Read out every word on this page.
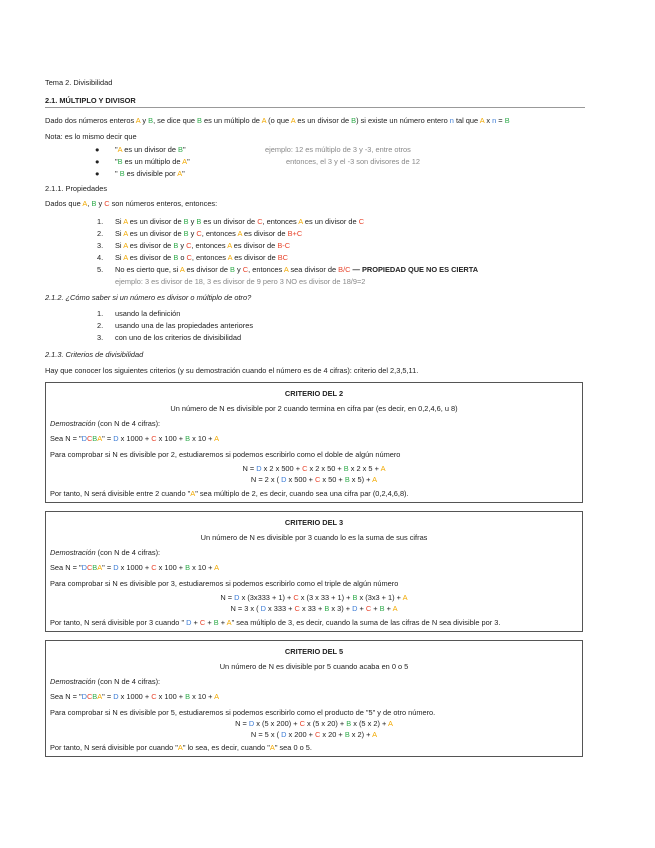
Tema 2. Divisibilidad
2.1. MÚLTIPLO Y DIVISOR
Dado dos números enteros A y B, se dice que B es un múltiplo de A (o que A es un divisor de B) si existe un número entero n tal que A x n = B
Nota: es lo mismo decir que
● "A es un divisor de B"	ejemplo: 12 es múltiplo de 3 y -3, entre otros
● "B es un múltiplo de A"	entonces, el 3 y el -3 son divisores de 12
● " B es divisible por A"
2.1.1. Propiedades
Dados que A, B y C son números enteros, entonces:
1. Si A es un divisor de B y B es un divisor de C, entonces A es un divisor de C
2. Si A es un divisor de B y C, entonces A es divisor de B+C
3. Si A es divisor de B y C, entonces A es divisor de B-C
4. Si A es divisor de B o C, entonces A es divisor de BC
5. No es cierto que, si A es divisor de B y C, entonces A sea divisor de B/C — PROPIEDAD QUE NO ES CIERTA
ejemplo: 3 es divisor de 18, 3 es divisor de 9 pero 3 NO es divisor de 18/9=2
2.1.2. ¿Cómo saber si un número es divisor o múltiplo de otro?
1. usando la definición
2. usando una de las propiedades anteriores
3. con uno de los criterios de divisibilidad
2.1.3. Criterios de divisibilidad
Hay que conocer los siguientes criterios (y su demostración cuando el número es de 4 cifras): criterio del 2,3,5,11.
CRITERIO DEL 2
Un número de N es divisible por 2 cuando termina en cifra par (es decir, en 0,2,4,6, u 8)
Demostración (con N de 4 cifras):
Sea N = "DCBA" = D x 1000 + C x 100 + B x 10 + A
Para comprobar si N es divisible por 2, estudiaremos si podemos escribirlo como el doble de algún número
N = D x 2 x 500 + C x 2 x 50 + B x 2 x 5 + A
N = 2 x ( D x 500 + C x 50 + B x 5) + A
Por tanto, N será divisible entre 2 cuando "A" sea múltiplo de 2, es decir, cuando sea una cifra par (0,2,4,6,8).
CRITERIO DEL 3
Un número de N es divisible por 3 cuando lo es la suma de sus cifras
Demostración (con N de 4 cifras):
Sea N = "DCBA" = D x 1000 + C x 100 + B x 10 + A
Para comprobar si N es divisible por 3, estudiaremos si podemos escribirlo como el triple de algún número
N = D x (3x333 + 1) + C x (3 x 33 + 1) + B x (3x3 + 1) + A
N = 3 x ( D x 333 + C x 33 + B x 3) + D + C + B + A
Por tanto, N será divisible por 3 cuando " D + C + B + A" sea múltiplo de 3, es decir, cuando la suma de las cifras de N sea divisible por 3.
CRITERIO DEL 5
Un número de N es divisible por 5 cuando acaba en 0 o 5
Demostración (con N de 4 cifras):
Sea N = "DCBA" = D x 1000 + C x 100 + B x 10 + A
Para comprobar si N es divisible por 5, estudiaremos si podemos escribirlo como el producto de "5" y de otro número.
N = D x (5 x 200) + C x (5 x 20) + B x (5 x 2) + A
N = 5 x ( D x 200 + C x 20 + B x 2) + A
Por tanto, N será divisible por cuando "A" lo sea, es decir, cuando "A" sea 0 o 5.
